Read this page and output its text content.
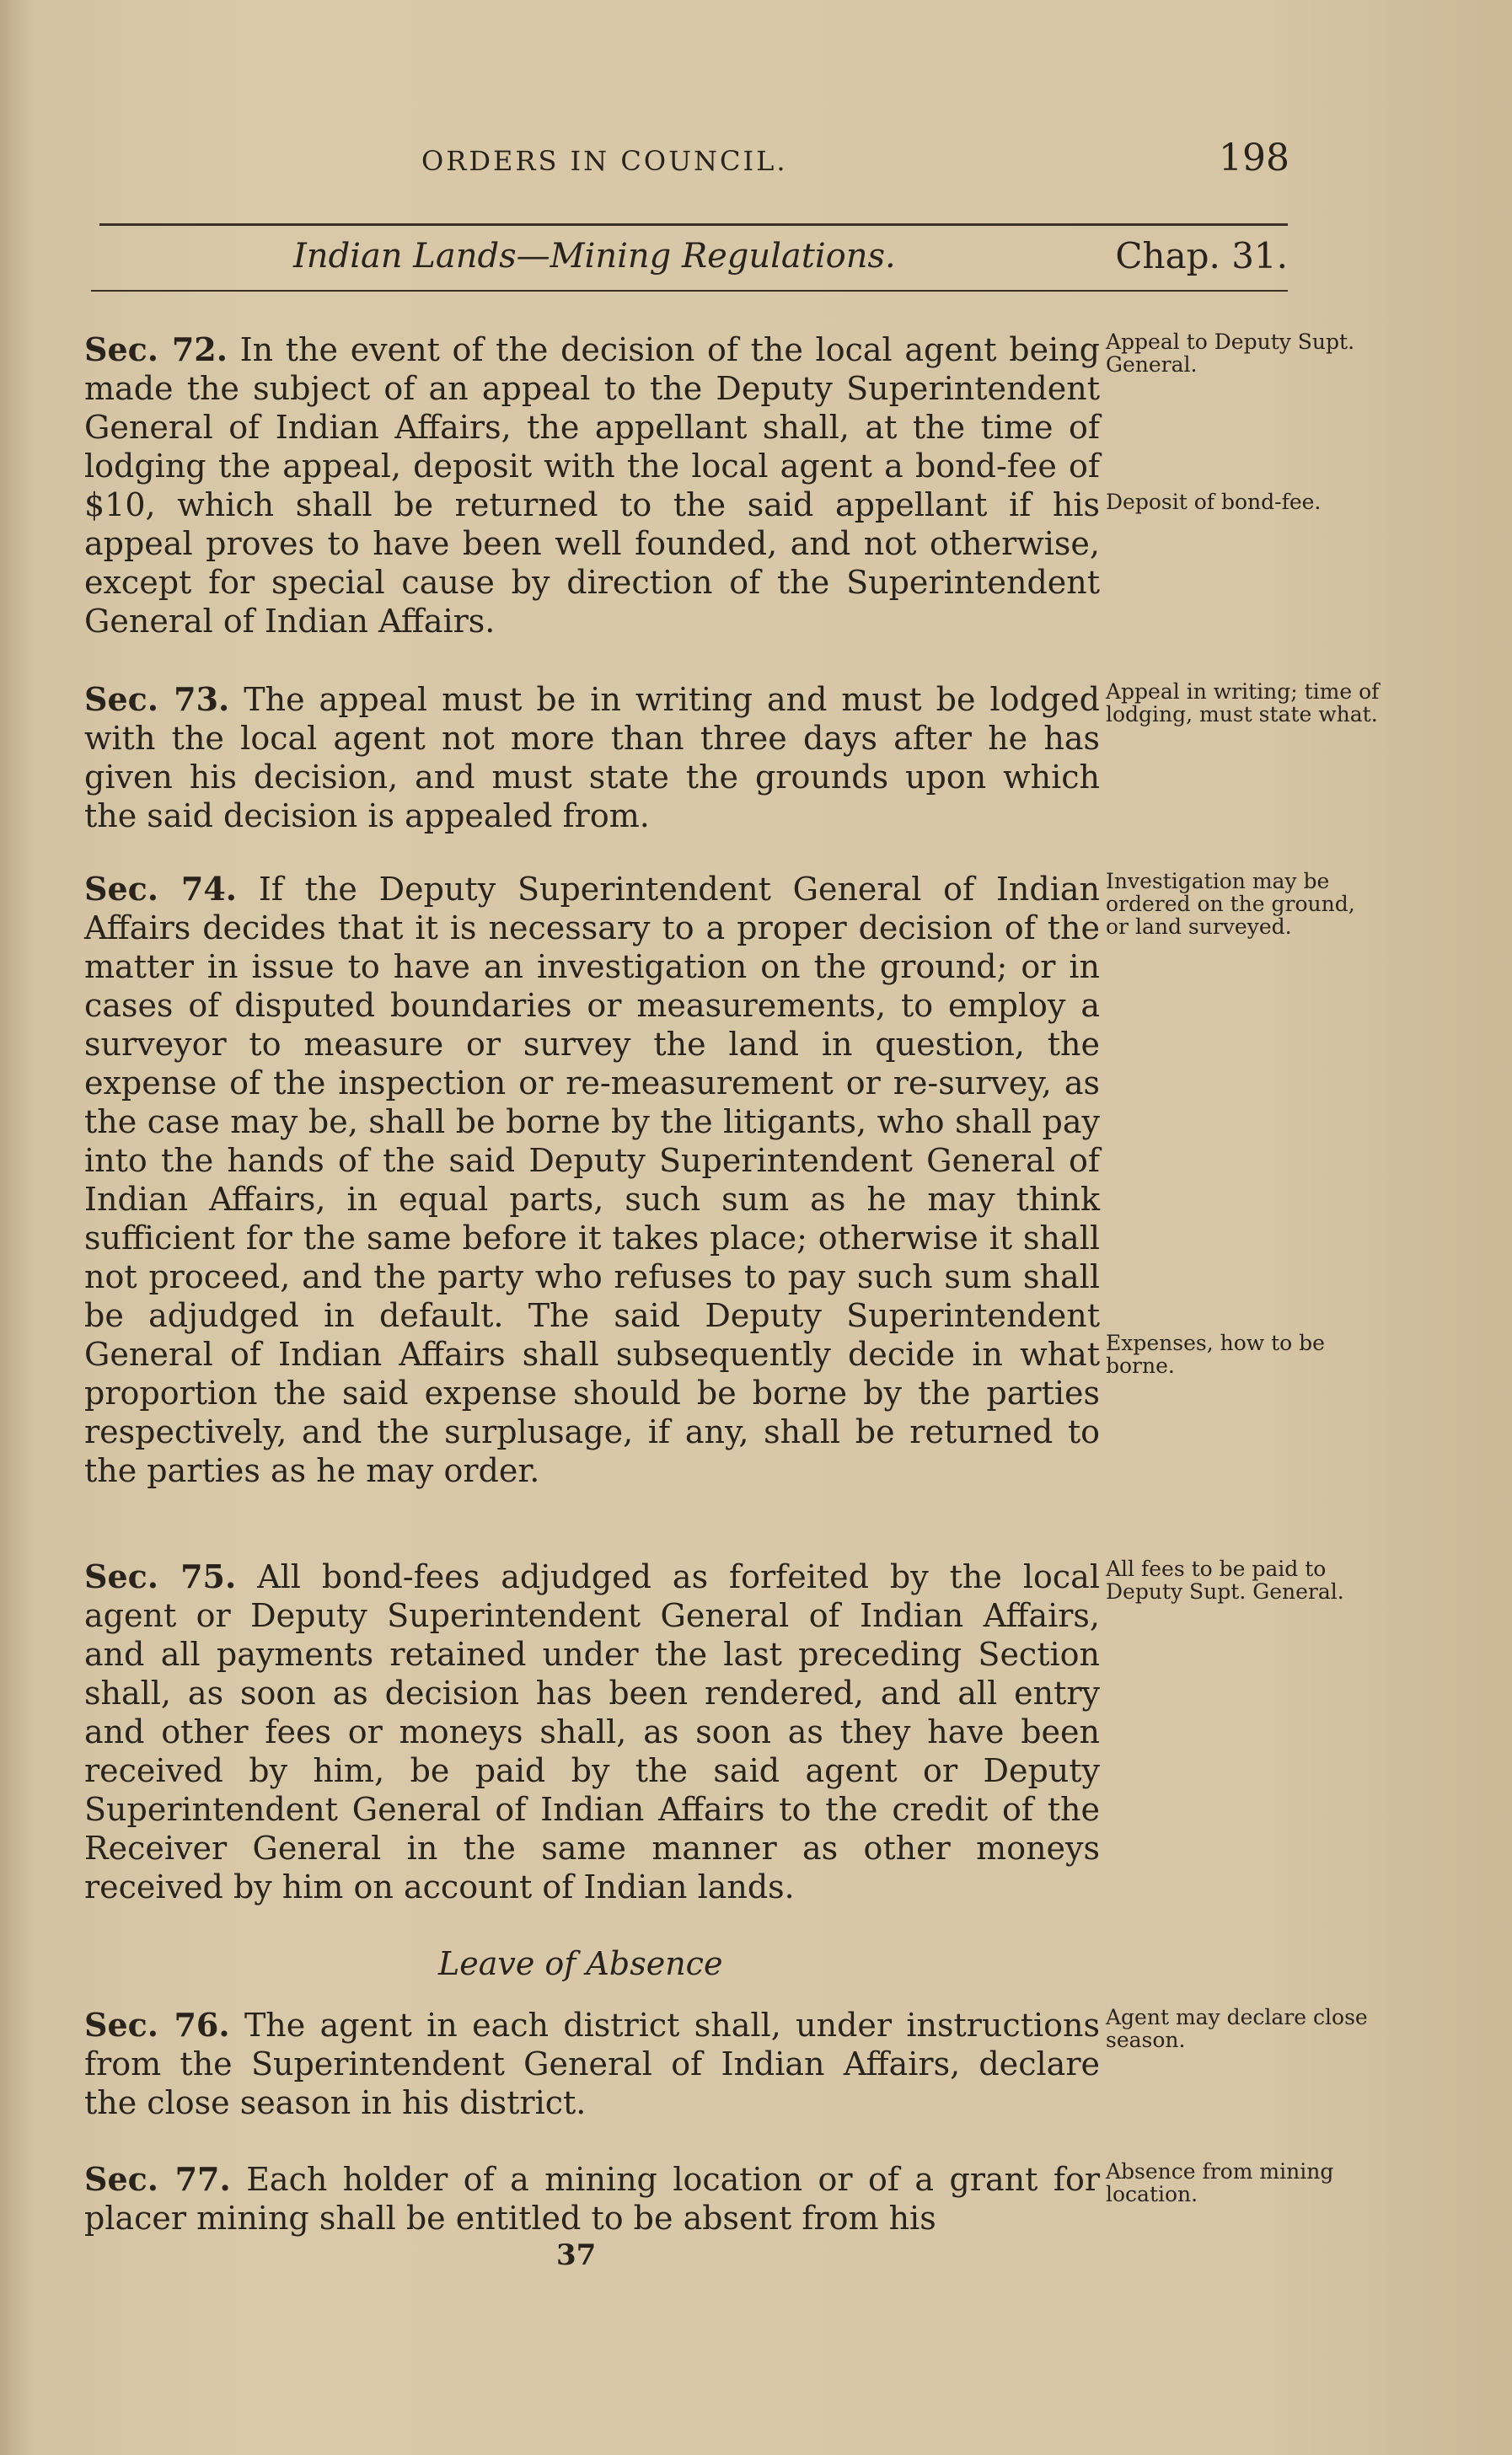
ORDERS IN COUNCIL.	198
Indian Lands—Mining Regulations.	Chap. 31.
Sec. 72. In the event of the decision of the local agent being made the subject of an appeal to the Deputy Superintendent General of Indian Affairs, the appellant shall, at the time of lodging the appeal, deposit with the local agent a bond-fee of $10, which shall be returned to the said appellant if his appeal proves to have been well founded, and not otherwise, except for special cause by direction of the Superintendent General of Indian Affairs.

Appeal to Deputy Supt. General.

Deposit of bond-fee.

Sec. 73. The appeal must be in writing and must be lodged with the local agent not more than three days after he has given his decision, and must state the grounds upon which the said decision is appealed from.

Appeal in writing; time of lodging, must state what.

Sec. 74. If the Deputy Superintendent General of Indian Affairs decides that it is necessary to a proper decision of the matter in issue to have an investigation on the ground; or in cases of disputed boundaries or measurements, to employ a surveyor to measure or survey the land in question, the expense of the inspection or re-measurement or re-survey, as the case may be, shall be borne by the litigants, who shall pay into the hands of the said Deputy Superintendent General of Indian Affairs, in equal parts, such sum as he may think sufficient for the same before it takes place; otherwise it shall not proceed, and the party who refuses to pay such sum shall be adjudged in default. The said Deputy Superintendent General of Indian Affairs shall subsequently decide in what proportion the said expense should be borne by the parties respectively, and the surplusage, if any, shall be returned to the parties as he may order.

Investigation may be ordered on the ground, or land surveyed.

Expenses, how to be borne.

Sec. 75. All bond-fees adjudged as forfeited by the local agent or Deputy Superintendent General of Indian Affairs, and all payments retained under the last preceding Section shall, as soon as decision has been rendered, and all entry and other fees or moneys shall, as soon as they have been received by him, be paid by the said agent or Deputy Superintendent General of Indian Affairs to the credit of the Receiver General in the same manner as other moneys received by him on account of Indian lands.

All fees to be paid to Deputy Supt. General.

Leave of Absence
Sec. 76. The agent in each district shall, under instructions from the Superintendent General of Indian Affairs, declare the close season in his district.

Agent may declare close season.

Sec. 77. Each holder of a mining location or of a grant for placer mining shall be entitled to be absent from his

Absence from mining location.

37
